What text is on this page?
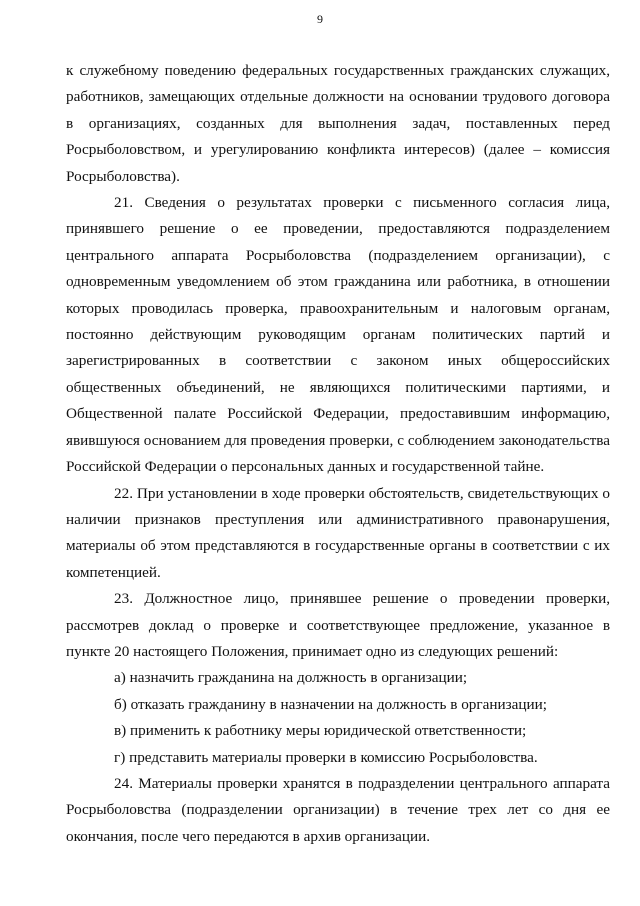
9

к служебному поведению федеральных государственных гражданских служащих, работников, замещающих отдельные должности на основании трудового договора в организациях, созданных для выполнения задач, поставленных перед Росрыболовством, и урегулированию конфликта интересов) (далее – комиссия Росрыболовства).

21. Сведения о результатах проверки с письменного согласия лица, принявшего решение о ее проведении, предоставляются подразделением центрального аппарата Росрыболовства (подразделением организации), с одновременным уведомлением об этом гражданина или работника, в отношении которых проводилась проверка, правоохранительным и налоговым органам, постоянно действующим руководящим органам политических партий и зарегистрированных в соответствии с законом иных общероссийских общественных объединений, не являющихся политическими партиями, и Общественной палате Российской Федерации, предоставившим информацию, явившуюся основанием для проведения проверки, с соблюдением законодательства Российской Федерации о персональных данных и государственной тайне.

22. При установлении в ходе проверки обстоятельств, свидетельствующих о наличии признаков преступления или административного правонарушения, материалы об этом представляются в государственные органы в соответствии с их компетенцией.

23. Должностное лицо, принявшее решение о проведении проверки, рассмотрев доклад о проверке и соответствующее предложение, указанное в пункте 20 настоящего Положения, принимает одно из следующих решений:

а) назначить гражданина на должность в организации;

б) отказать гражданину в назначении на должность в организации;

в) применить к работнику меры юридической ответственности;

г) представить материалы проверки в комиссию Росрыболовства.

24. Материалы проверки хранятся в подразделении центрального аппарата Росрыболовства (подразделении организации) в течение трех лет со дня ее окончания, после чего передаются в архив организации.
